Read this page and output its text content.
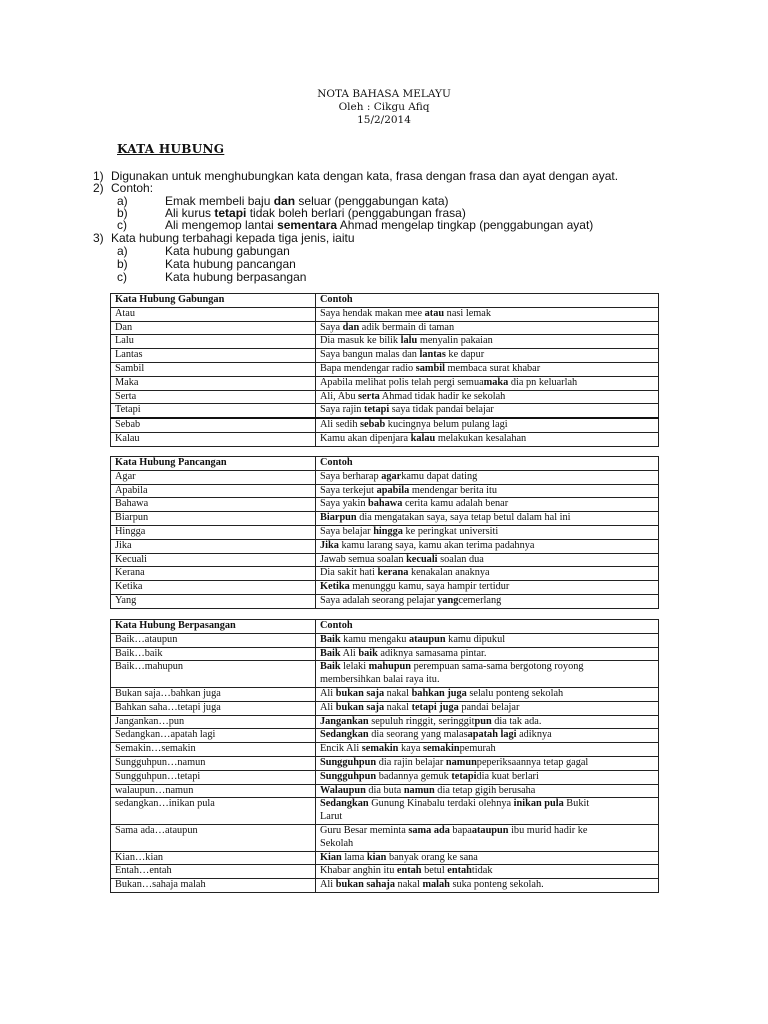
NOTA BAHASA MELAYU
Oleh : Cikgu Afiq
15/2/2014
KATA HUBUNG
1) Digunakan untuk menghubungkan kata dengan kata, frasa dengan frasa dan ayat dengan ayat.
2) Contoh:
a)	Emak membeli baju dan seluar (penggabungan kata)
b)	Ali kurus tetapi tidak boleh berlari (penggabungan frasa)
c)	Ali mengemop lantai sementara Ahmad mengelap tingkap (penggabungan ayat)
3) Kata hubung terbahagi kepada tiga jenis, iaitu
a)	Kata hubung gabungan
b)	Kata hubung pancangan
c)	Kata hubung berpasangan
Kata Hubung Gabungan	Contoh
Atau	Saya hendak makan mee atau nasi lemak
Dan	Saya dan adik bermain di taman
Lalu	Dia masuk ke bilik lalu menyalin pakaian
Lantas	Saya bangun malas dan lantas ke dapur
Sambil	Bapa mendengar radio sambil membaca surat khabar
Maka	Apabila melihat polis telah pergi semuamaka dia pn keluarlah
Serta	Ali, Abu serta Ahmad tidak hadir ke sekolah
Tetapi	Saya rajin tetapi saya tidak pandai belajar
Sebab	Ali sedih sebab kucingnya belum pulang lagi
Kalau	Kamu akan dipenjara kalau melakukan kesalahan
Kata Hubung Pancangan	Contoh
Agar	Saya berharap agarkamu dapat dating
Apabila	Saya terkejut apabila mendengar berita itu
Bahawa	Saya yakin bahawa cerita kamu adalah benar
Biarpun	Biarpun dia mengatakan saya, saya tetap betul dalam hal ini
Hingga	Saya belajar hingga ke peringkat universiti
Jika	Jika kamu larang saya, kamu akan terima padahnya
Kecuali	Jawab semua soalan kecuali soalan dua
Kerana	Dia sakit hati kerana kenakalan anaknya
Ketika	Ketika menunggu kamu, saya hampir tertidur
Yang	Saya adalah seorang pelajar yangcemerlang
Kata Hubung Berpasangan	Contoh
Baik…ataupun	Baik kamu mengaku ataupun kamu dipukul
Baik…baik	Baik Ali baik adiknya samasama pintar.
Baik…mahupun	Baik lelaki mahupun perempuan sama-sama bergotong royong
membersihkan balai raya itu.
Bukan saja…bahkan juga	Ali bukan saja nakal bahkan juga selalu ponteng sekolah
Bahkan saha…tetapi juga	Ali bukan saja nakal tetapi juga pandai belajar
Jangankan…pun	Jangankan sepuluh ringgit, seringgitpun dia tak ada.
Sedangkan…apatah lagi	Sedangkan dia seorang yang malasapatah lagi adiknya
Semakin…semakin	Encik Ali semakin kaya semakinpemurah
Sungguhpun…namun	Sungguhpun dia rajin belajar namunpeperiksaannya tetap gagal
Sungguhpun…tetapi	Sungguhpun badannya gemuk tetapidia kuat berlari
walaupun…namun	Walaupun dia buta namun dia tetap gigih berusaha
sedangkan…inikan pula	Sedangkan Gunung Kinabalu terdaki olehnya inikan pula Bukit
Larut
Sama ada…ataupun	Guru Besar meminta sama ada bapaataupun ibu murid hadir ke
Sekolah
Kian…kian	Kian lama kian banyak orang ke sana
Entah…entah	Khabar anghin itu entah betul entahtidak
Bukan…sahaja malah	Ali bukan sahaja nakal malah suka ponteng sekolah.
